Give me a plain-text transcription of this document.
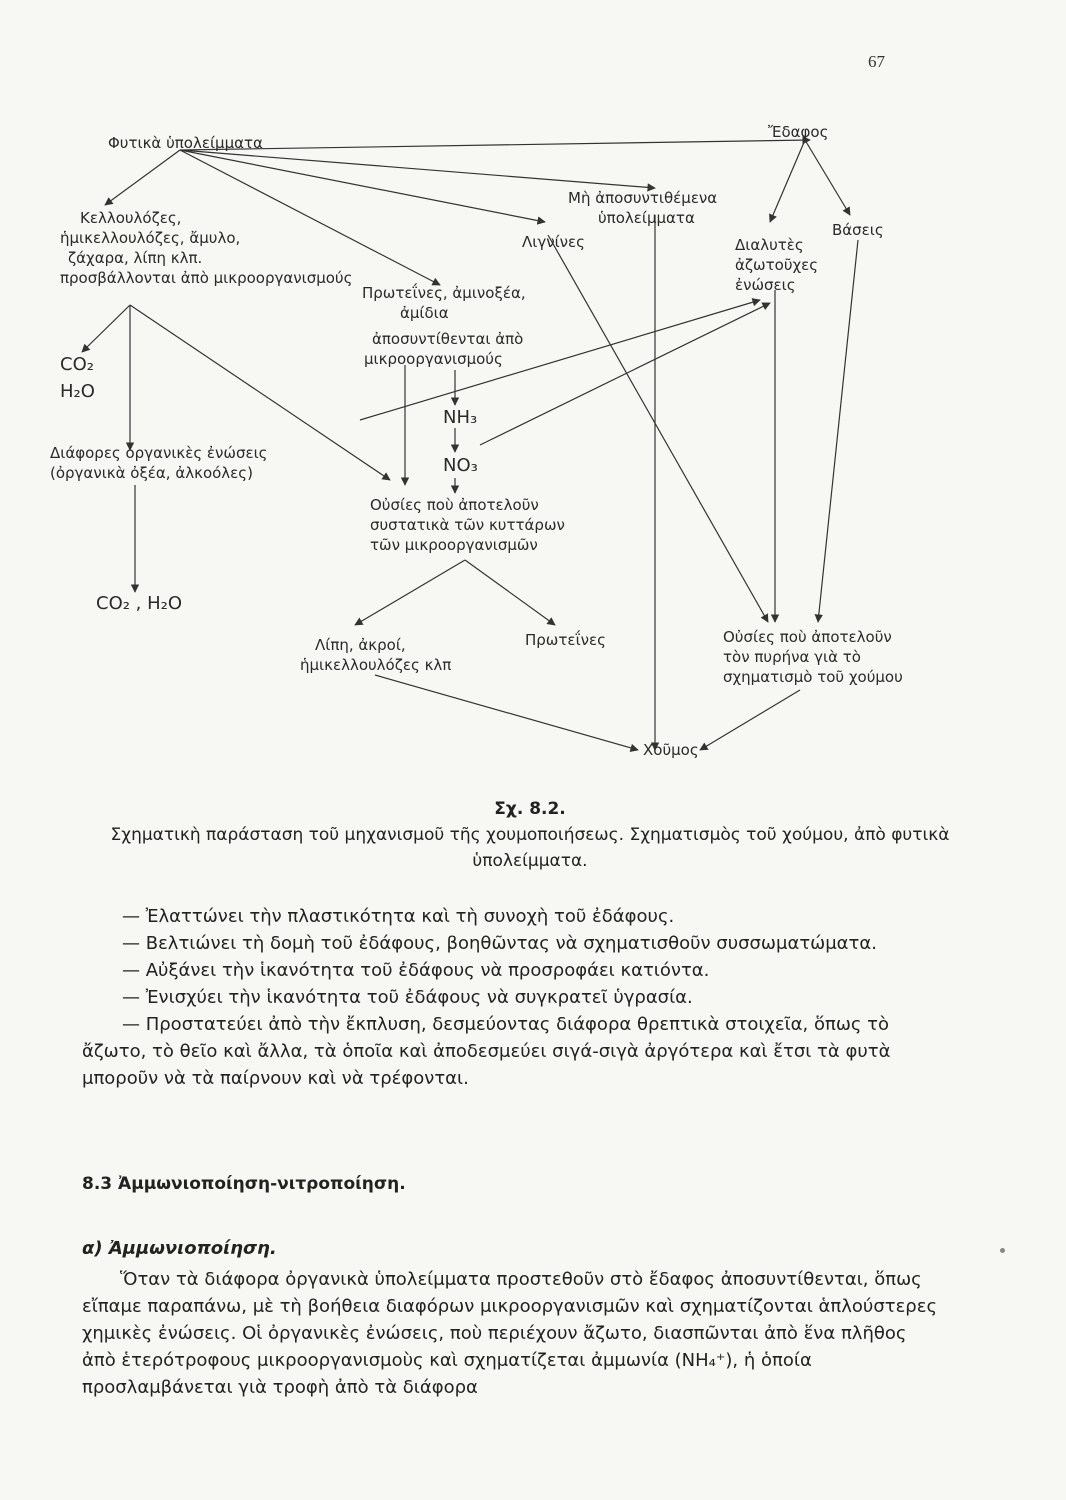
67
Φυτικὰ ὑπολείμματα
Κελλουλόζες,
ἡμικελλουλόζες, ἄμυλο,
ζάχαρα, λίπη κλπ.
προσβάλλονται ἀπὸ μικροοργανισμούς
CO₂
H₂O
Διάφορες ὀργανικὲς ἐνώσεις
(ὀργανικὰ ὀξέα, ἀλκοόλες)
CO₂ , H₂O
Πρωτεΐνες, ἀμινοξέα,
ἀμίδια
ἀποσυντίθενται ἀπὸ
μικροοργανισμούς
NH₃
NO₃
Οὐσίες ποὺ ἀποτελοῦν
συστατικὰ τῶν κυττάρων
τῶν μικροοργανισμῶν
Μὴ ἀποσυντιθέμενα
ὑπολείμματα
Λιγνίνες
Ἔδαφος
Διαλυτὲς
ἀζωτοῦχες
ἐνώσεις
Βάσεις
Λίπη, ἀκροί,
ἡμικελλουλόζες κλπ
Πρωτεΐνες	Οὐσίες ποὺ ἀποτελοῦν
τὸν πυρήνα γιὰ τὸ
σχηματισμὸ τοῦ χούμου
Χοῦμος
Σχ. 8.2.
Σχηματικὴ παράσταση τοῦ μηχανισμοῦ τῆς χουμοποιήσεως. Σχηματισμὸς τοῦ χούμου, ἀπὸ φυτικὰ ὑπολείμματα.

— Ἐλαττώνει τὴν πλαστικότητα καὶ τὴ συνοχὴ τοῦ ἐδάφους.

— Βελτιώνει τὴ δομὴ τοῦ ἐδάφους, βοηθῶντας νὰ σχηματισθοῦν συσσωματώματα.

— Αὐξάνει τὴν ἱκανότητα τοῦ ἐδάφους νὰ προσροφάει κατιόντα.

— Ἐνισχύει τὴν ἱκανότητα τοῦ ἐδάφους νὰ συγκρατεῖ ὑγρασία.

— Προστατεύει ἀπὸ τὴν ἔκπλυση, δεσμεύοντας διάφορα θρεπτικὰ στοιχεῖα, ὅπως τὸ ἄζωτο, τὸ θεῖο καὶ ἄλλα, τὰ ὁποῖα καὶ ἀποδεσμεύει σιγά-σιγὰ ἀργότερα καὶ ἔτσι τὰ φυτὰ μποροῦν νὰ τὰ παίρνουν καὶ νὰ τρέφονται.

8.3 Ἀμμωνιοποίηση-νιτροποίηση.
α) Ἀμμωνιοποίηση.
Ὅταν τὰ διάφορα ὀργανικὰ ὑπολείμματα προστεθοῦν στὸ ἔδαφος ἀποσυντίθενται, ὅπως εἴπαμε παραπάνω, μὲ τὴ βοήθεια διαφόρων μικροοργανισμῶν καὶ σχηματίζονται ἁπλούστερες χημικὲς ἐνώσεις. Οἱ ὀργανικὲς ἐνώσεις, ποὺ περιέχουν ἄζωτο, διασπῶνται ἀπὸ ἕνα πλῆθος ἀπὸ ἑτερότροφους μικροοργανισμοὺς καὶ σχηματίζεται ἀμμωνία (NH₄⁺), ἡ ὁποία προσλαμβάνεται γιὰ τροφὴ ἀπὸ τὰ διάφορα
